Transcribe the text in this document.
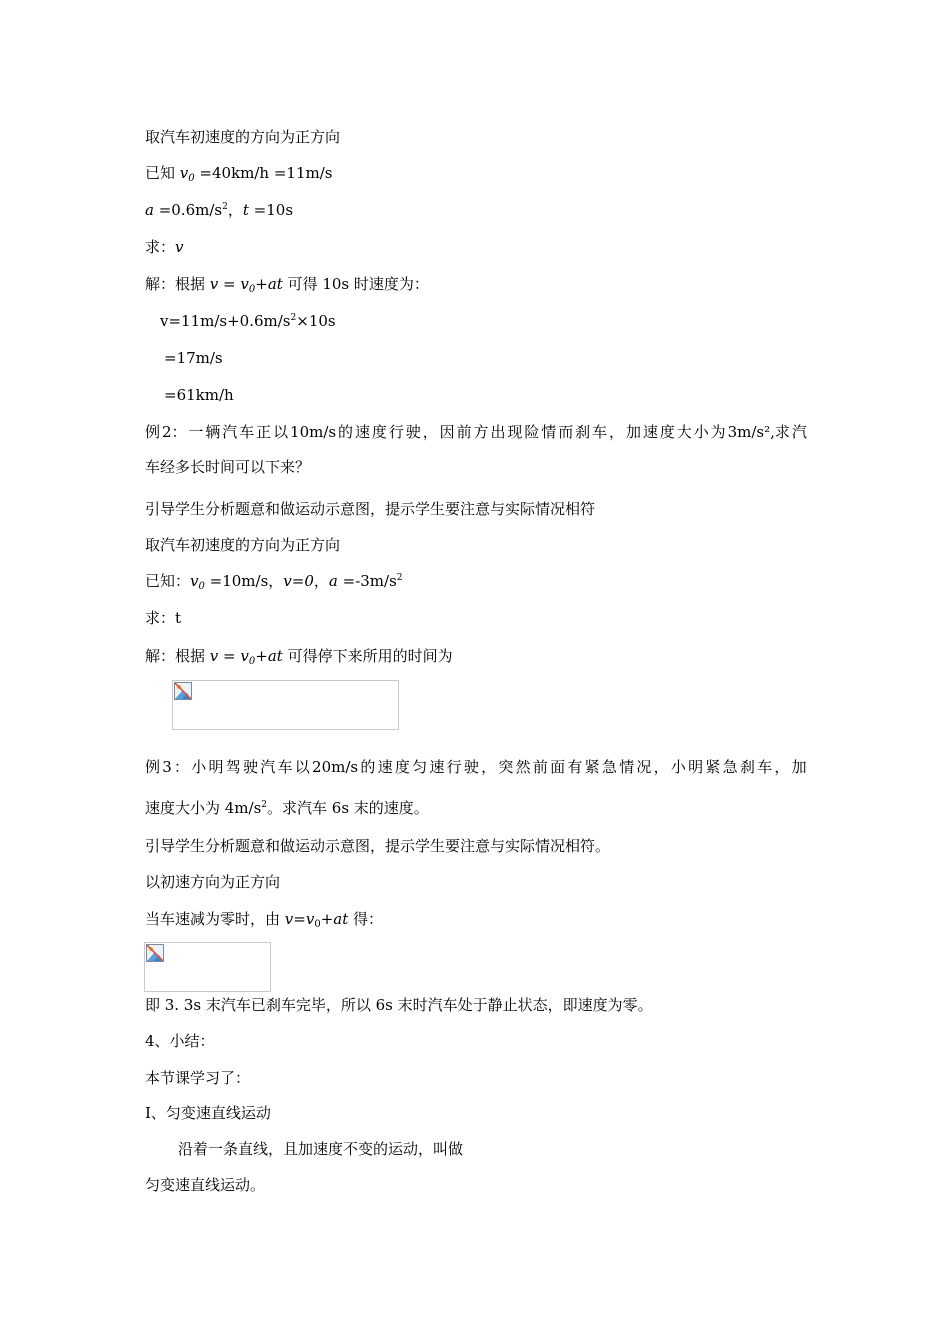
取汽车初速度的方向为正方向
已知 $v_0 =40km/h =11m/s$
$a =0.6m/s^2$，t =10s
求：v
解：根据 $v = v_0+at$ 可得 10s 时速度为：
$v=11m/s+0.6m/s^2\times 10s$
=17m/s
=61km/h
例 2： 一 辆 汽 车 正 以 10m/s 的 速 度 行 驶 ， 因 前 方 出 现 险 情 而 刹 车 ， 加 速 度 大 小 为 3m/s²,求 汽
车经多长时间可以下来？
引导学生分析题意和做运动示意图，提示学生要注意与实际情况相符
取汽车初速度的方向为正方向
已知：$v_0 =10m/s$，v=0，$a =-3m/s^2$
求：t
解：根据 $v = v_0+at$ 可得停下来所用的时间为
例 3 ： 小 明 驾 驶 汽 车 以 20m/s 的 速 度 匀 速 行 驶 ， 突 然 前 面 有 紧 急 情 况 ， 小 明 紧 急 刹 车 ， 加
速度大小为 $4m/s^2$。求汽车 6s 末的速度。
引导学生分析题意和做运动示意图，提示学生要注意与实际情况相符。
以初速方向为正方向
当车速减为零时，由 $v=v_0+at$ 得：
即 3. 3s 末汽车已刹车完毕，所以 6s 末时汽车处于静止状态，即速度为零。
4、小结：
本节课学习了：
Ⅰ、匀变速直线运动
沿着一条直线，且加速度不变的运动，叫做
匀变速直线运动。
